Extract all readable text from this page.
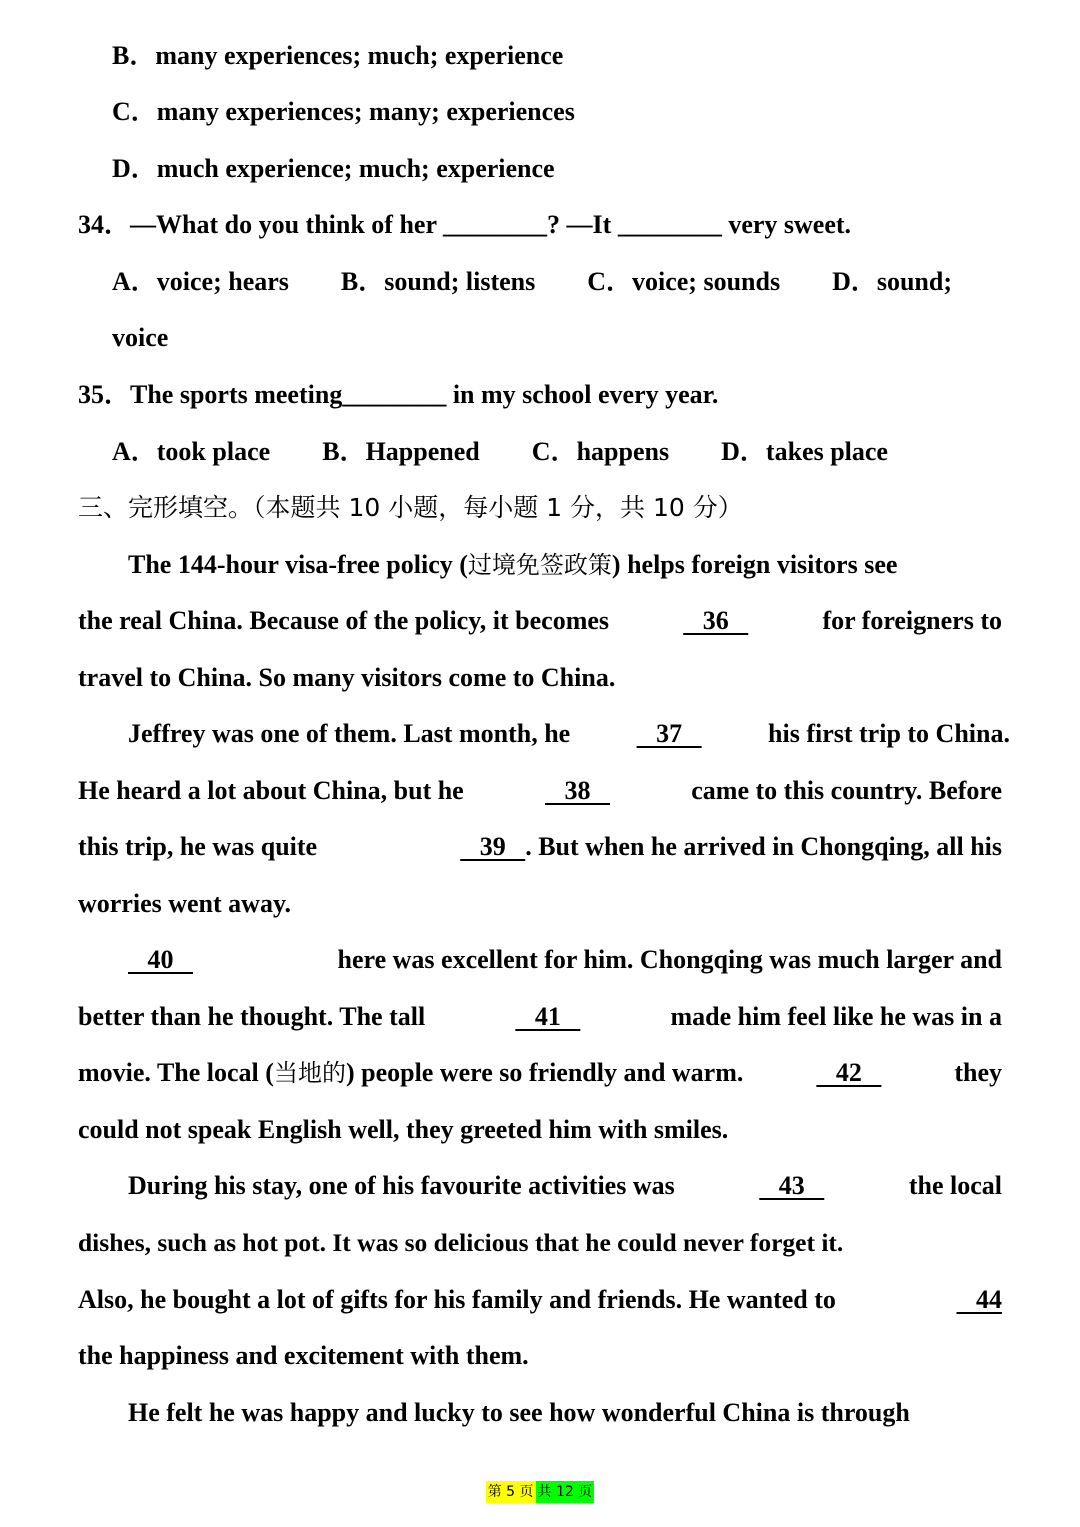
B．many experiences; much; experience
C．many experiences; many; experiences
D．much experience; much; experience
34．—What do you think of her ________? —It ________ very sweet.
A．voice; hears B．sound; listens C．voice; sounds D．sound;
voice
35．The sports meeting________ in my school every year.
A．took place B．Happened C．happens D．takes place
三、完形填空。（本题共 10 小题，每小题 1 分，共 10 分）
The 144-hour visa-free policy (过境免签政策) helps foreign visitors see
the real China. Because of the policy, it becomes	36	for foreigners to
travel to China. So many visitors come to China.
Jeffrey was one of them. Last month, he	37	his first trip to China.
He heard a lot about China, but he	38	came to this country. Before
this trip, he was quite	39   . But when he arrived in Chongqing, all his
worries went away.
40	here was excellent for him. Chongqing was much larger and
better than he thought. The tall	41	made him feel like he was in a
movie. The local (当地的) people were so friendly and warm.	42	they
could not speak English well, they greeted him with smiles.
During his stay, one of his favourite activities was	43	the local
dishes, such as hot pot. It was so delicious that he could never forget it.
Also, he bought a lot of gifts for his family and friends. He wanted to	44
the happiness and excitement with them.
He felt he was happy and lucky to see how wonderful China is through
第 5 页 共 12 页
